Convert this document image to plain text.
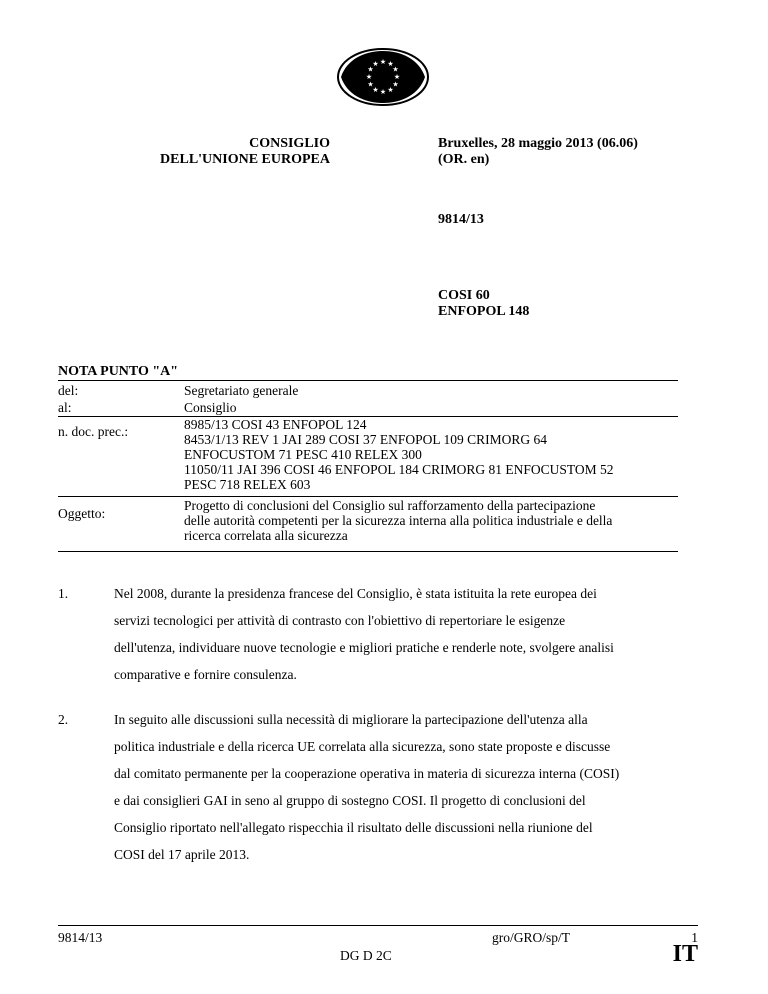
★ ★
★
★
★
★
★
★
★
★
★
★
CONSIGLIO
DELL'UNIONE EUROPEA
Bruxelles, 28 maggio 2013 (06.06)
(OR. en)
9814/13
COSI 60
ENFOPOL 148
NOTA PUNTO "A"
del:	Segretariato generale
al:	Consiglio
n. doc. prec.:	8985/13 COSI 43 ENFOPOL 124
8453/1/13 REV 1 JAI 289 COSI 37 ENFOPOL 109 CRIMORG 64
ENFOCUSTOM 71 PESC 410 RELEX 300
11050/11 JAI 396 COSI 46 ENFOPOL 184 CRIMORG 81 ENFOCUSTOM 52
PESC 718 RELEX 603
Oggetto:
Progetto di conclusioni del Consiglio sul rafforzamento della partecipazione
delle autorità competenti per la sicurezza interna alla politica industriale e della
ricerca correlata alla sicurezza
1.	Nel 2008, durante la presidenza francese del Consiglio, è stata istituita la rete europea dei
servizi tecnologici per attività di contrasto con l'obiettivo di repertoriare le esigenze
dell'utenza, individuare nuove tecnologie e migliori pratiche e renderle note, svolgere analisi
comparative e fornire consulenza.
2.	In seguito alle discussioni sulla necessità di migliorare la partecipazione dell'utenza alla
politica industriale e della ricerca UE correlata alla sicurezza, sono state proposte e discusse
dal comitato permanente per la cooperazione operativa in materia di sicurezza interna (COSI)
e dai consiglieri GAI in seno al gruppo di sostegno COSI. Il progetto di conclusioni del
Consiglio riportato nell'allegato rispecchia il risultato delle discussioni nella riunione del
COSI del 17 aprile 2013.
9814/13	gro/GRO/sp/T	1
DG D 2C	IT
